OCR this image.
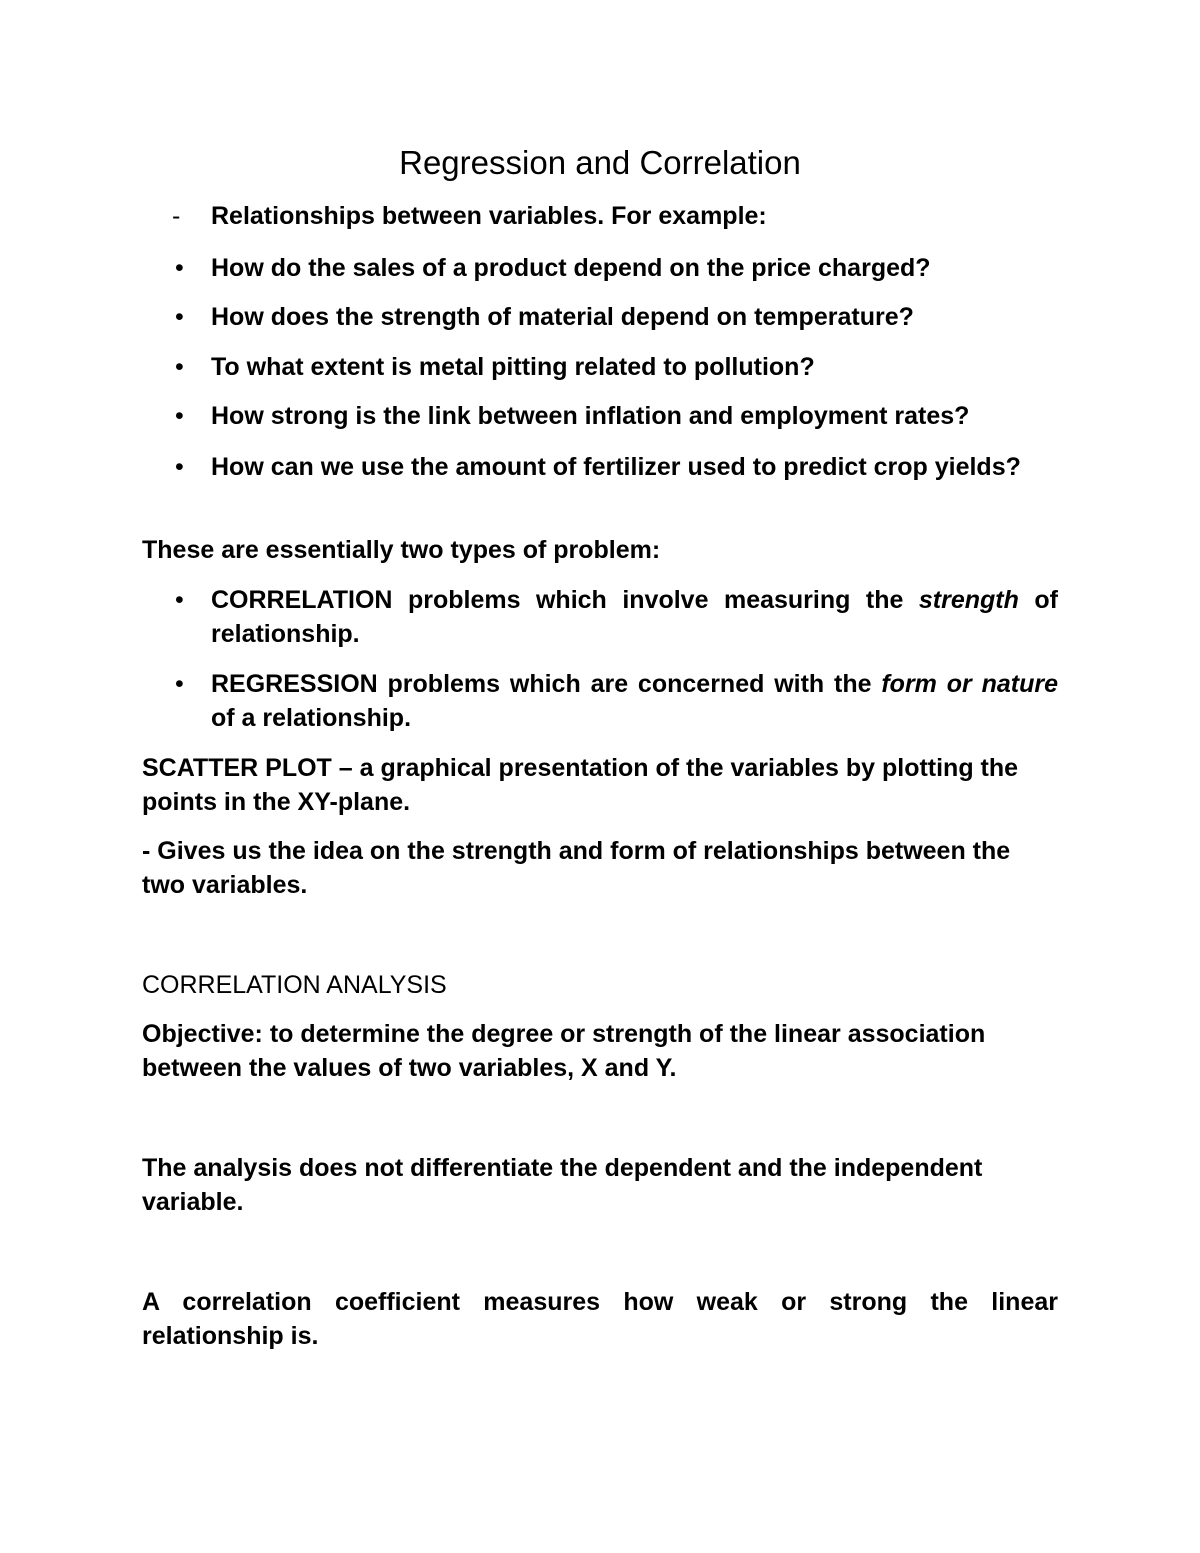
Regression and Correlation
- Relationships between variables. For example:

• How do the sales of a product depend on the price charged?

• How does the strength of material depend on temperature?

• To what extent is metal pitting related to pollution?

• How strong is the link between inflation and employment rates?

• How can we use the amount of fertilizer used to predict crop yields?

These are essentially two types of problem:

• CORRELATION problems which involve measuring the strength of relationship.

• REGRESSION problems which are concerned with the form or nature of a relationship.

SCATTER PLOT – a graphical presentation of the variables by plotting the points in the XY-plane.

- Gives us the idea on the strength and form of relationships between the two variables.

CORRELATION ANALYSIS

Objective: to determine the degree or strength of the linear association between the values of two variables, X and Y.

The analysis does not differentiate the dependent and the independent variable.

A correlation coefficient measures how weak or strong the linear relationship is.
